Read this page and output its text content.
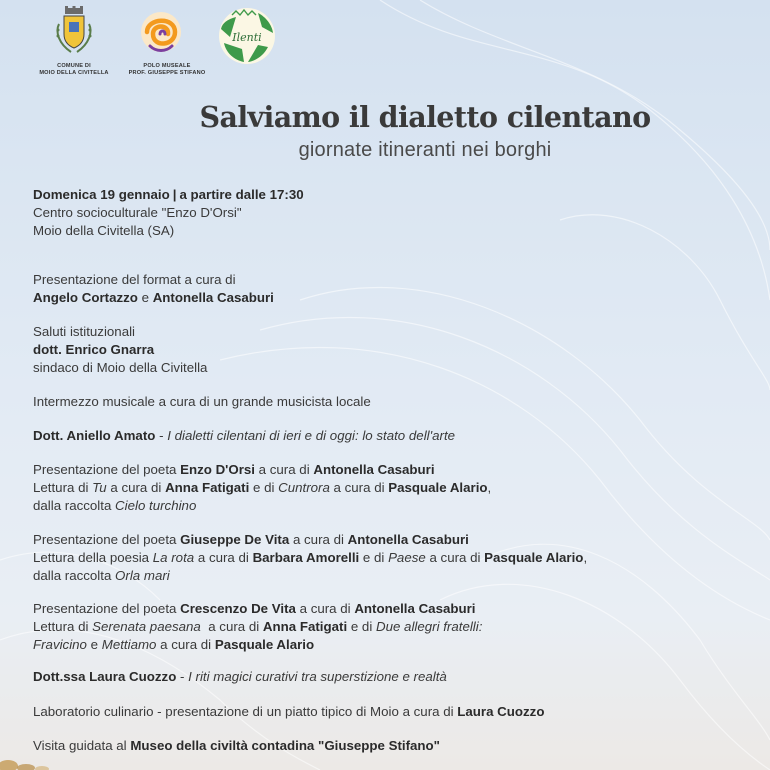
COMUNE DI
MOIO DELLA CIVITELLA
POLO MUSEALE
PROF. GIUSEPPE STIFANO
Ilenti
Salviamo il dialetto cilentano
giornate itineranti nei borghi
Domenica 19 gennaio | a partire dalle 17:30
Centro socioculturale "Enzo D'Orsi"
Moio della Civitella (SA)
Presentazione del format a cura di
Angelo Cortazzo e Antonella Casaburi
Saluti istituzionali
dott. Enrico Gnarra
sindaco di Moio della Civitella
Intermezzo musicale a cura di un grande musicista locale
Dott. Aniello Amato - I dialetti cilentani di ieri e di oggi: lo stato dell'arte
Presentazione del poeta Enzo D'Orsi a cura di Antonella Casaburi
Lettura di Tu a cura di Anna Fatigati e di Cuntrora a cura di Pasquale Alario,
dalla raccolta Cielo turchino
Presentazione del poeta Giuseppe De Vita a cura di Antonella Casaburi
Lettura della poesia La rota a cura di Barbara Amorelli e di Paese a cura di Pasquale Alario,
dalla raccolta Orla mari
Presentazione del poeta Crescenzo De Vita a cura di Antonella Casaburi
Lettura di Serenata paesana  a cura di Anna Fatigati e di Due allegri fratelli:
Fravicino e Mettiamo a cura di Pasquale Alario
Dott.ssa Laura Cuozzo - I riti magici curativi tra superstizione e realtà
Laboratorio culinario - presentazione di un piatto tipico di Moio a cura di Laura Cuozzo
Visita guidata al Museo della civiltà contadina "Giuseppe Stifano"
